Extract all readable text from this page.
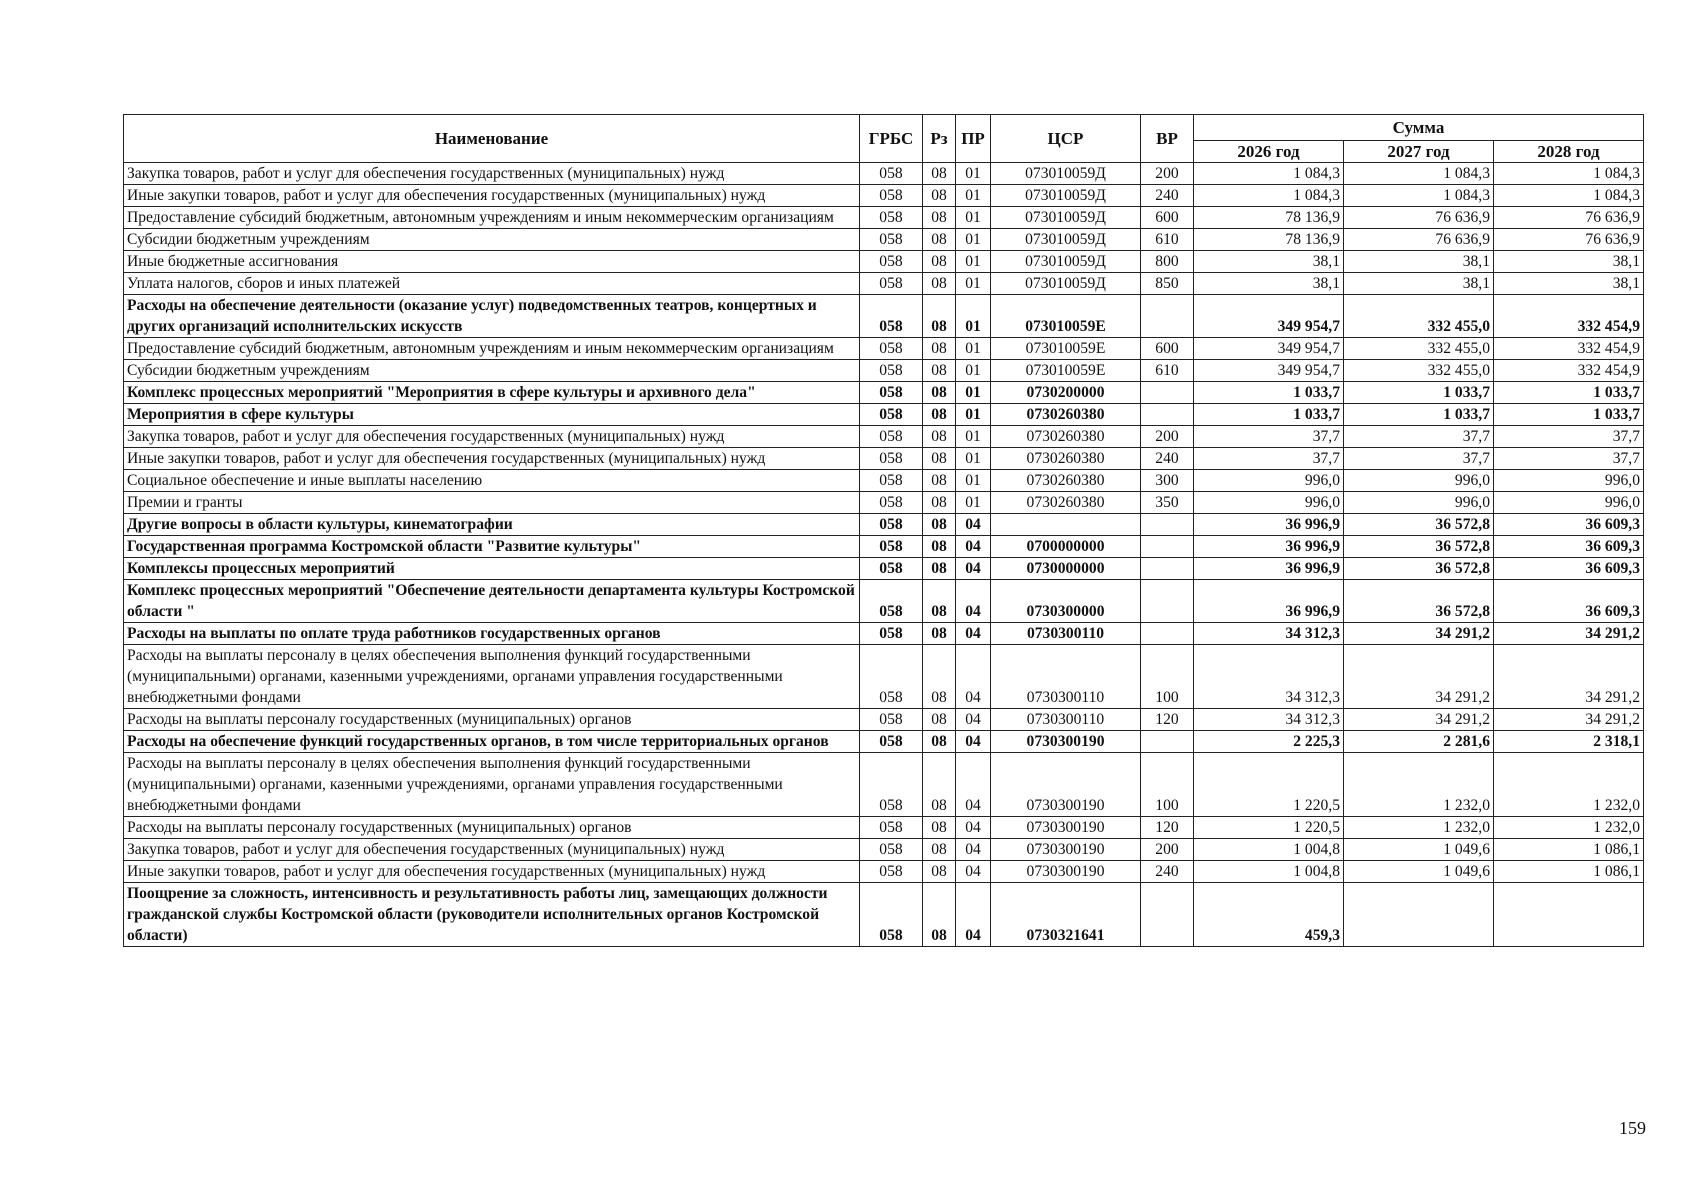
Наименование	ГРБС	Рз	ПР	ЦСР	ВР	Сумма		
						2026 год	2027 год	2028 год
Закупка товаров, работ и услуг для обеспечения государственных (муниципальных) нужд	058	08	01	073010059Д	200	1 084,3	1 084,3	1 084,3
Иные закупки товаров, работ и услуг для обеспечения государственных (муниципальных) нужд	058	08	01	073010059Д	240	1 084,3	1 084,3	1 084,3
Предоставление субсидий бюджетным, автономным учреждениям и иным некоммерческим организациям	058	08	01	073010059Д	600	78 136,9	76 636,9	76 636,9
Субсидии бюджетным учреждениям	058	08	01	073010059Д	610	78 136,9	76 636,9	76 636,9
Иные бюджетные ассигнования	058	08	01	073010059Д	800	38,1	38,1	38,1
Уплата налогов, сборов и иных платежей	058	08	01	073010059Д	850	38,1	38,1	38,1
Расходы на обеспечение деятельности (оказание услуг) подведомственных театров, концертных и других организаций исполнительских искусств	058	08	01	073010059Е		349 954,7	332 455,0	332 454,9
Предоставление субсидий бюджетным, автономным учреждениям и иным некоммерческим организациям	058	08	01	073010059Е	600	349 954,7	332 455,0	332 454,9
Субсидии бюджетным учреждениям	058	08	01	073010059Е	610	349 954,7	332 455,0	332 454,9
Комплекс процессных мероприятий "Мероприятия в сфере культуры и архивного дела"	058	08	01	0730200000		1 033,7	1 033,7	1 033,7
Мероприятия в сфере культуры	058	08	01	0730260380		1 033,7	1 033,7	1 033,7
Закупка товаров, работ и услуг для обеспечения государственных (муниципальных) нужд	058	08	01	0730260380	200	37,7	37,7	37,7
Иные закупки товаров, работ и услуг для обеспечения государственных (муниципальных) нужд	058	08	01	0730260380	240	37,7	37,7	37,7
Социальное обеспечение и иные выплаты населению	058	08	01	0730260380	300	996,0	996,0	996,0
Премии и гранты	058	08	01	0730260380	350	996,0	996,0	996,0
Другие вопросы в области культуры, кинематографии	058	08	04			36 996,9	36 572,8	36 609,3
Государственная программа Костромской области "Развитие культуры"	058	08	04	0700000000		36 996,9	36 572,8	36 609,3
Комплексы процессных мероприятий	058	08	04	0730000000		36 996,9	36 572,8	36 609,3
Комплекс процессных мероприятий "Обеспечение деятельности департамента культуры Костромской области "	058	08	04	0730300000		36 996,9	36 572,8	36 609,3
Расходы на выплаты по оплате труда работников государственных органов	058	08	04	0730300110		34 312,3	34 291,2	34 291,2
Расходы на выплаты персоналу в целях обеспечения выполнения функций государственными (муниципальными) органами, казенными учреждениями, органами управления государственными внебюджетными фондами	058	08	04	0730300110	100	34 312,3	34 291,2	34 291,2
Расходы на выплаты персоналу государственных (муниципальных) органов	058	08	04	0730300110	120	34 312,3	34 291,2	34 291,2
Расходы на обеспечение функций государственных органов, в том числе территориальных органов	058	08	04	0730300190		2 225,3	2 281,6	2 318,1
Расходы на выплаты персоналу в целях обеспечения выполнения функций государственными (муниципальными) органами, казенными учреждениями, органами управления государственными внебюджетными фондами	058	08	04	0730300190	100	1 220,5	1 232,0	1 232,0
Расходы на выплаты персоналу государственных (муниципальных) органов	058	08	04	0730300190	120	1 220,5	1 232,0	1 232,0
Закупка товаров, работ и услуг для обеспечения государственных (муниципальных) нужд	058	08	04	0730300190	200	1 004,8	1 049,6	1 086,1
Иные закупки товаров, работ и услуг для обеспечения государственных (муниципальных) нужд	058	08	04	0730300190	240	1 004,8	1 049,6	1 086,1
Поощрение за сложность, интенсивность и результативность работы лиц, замещающих должности гражданской службы Костромской области (руководители исполнительных органов Костромской области)	058	08	04	0730321641		459,3		
159
